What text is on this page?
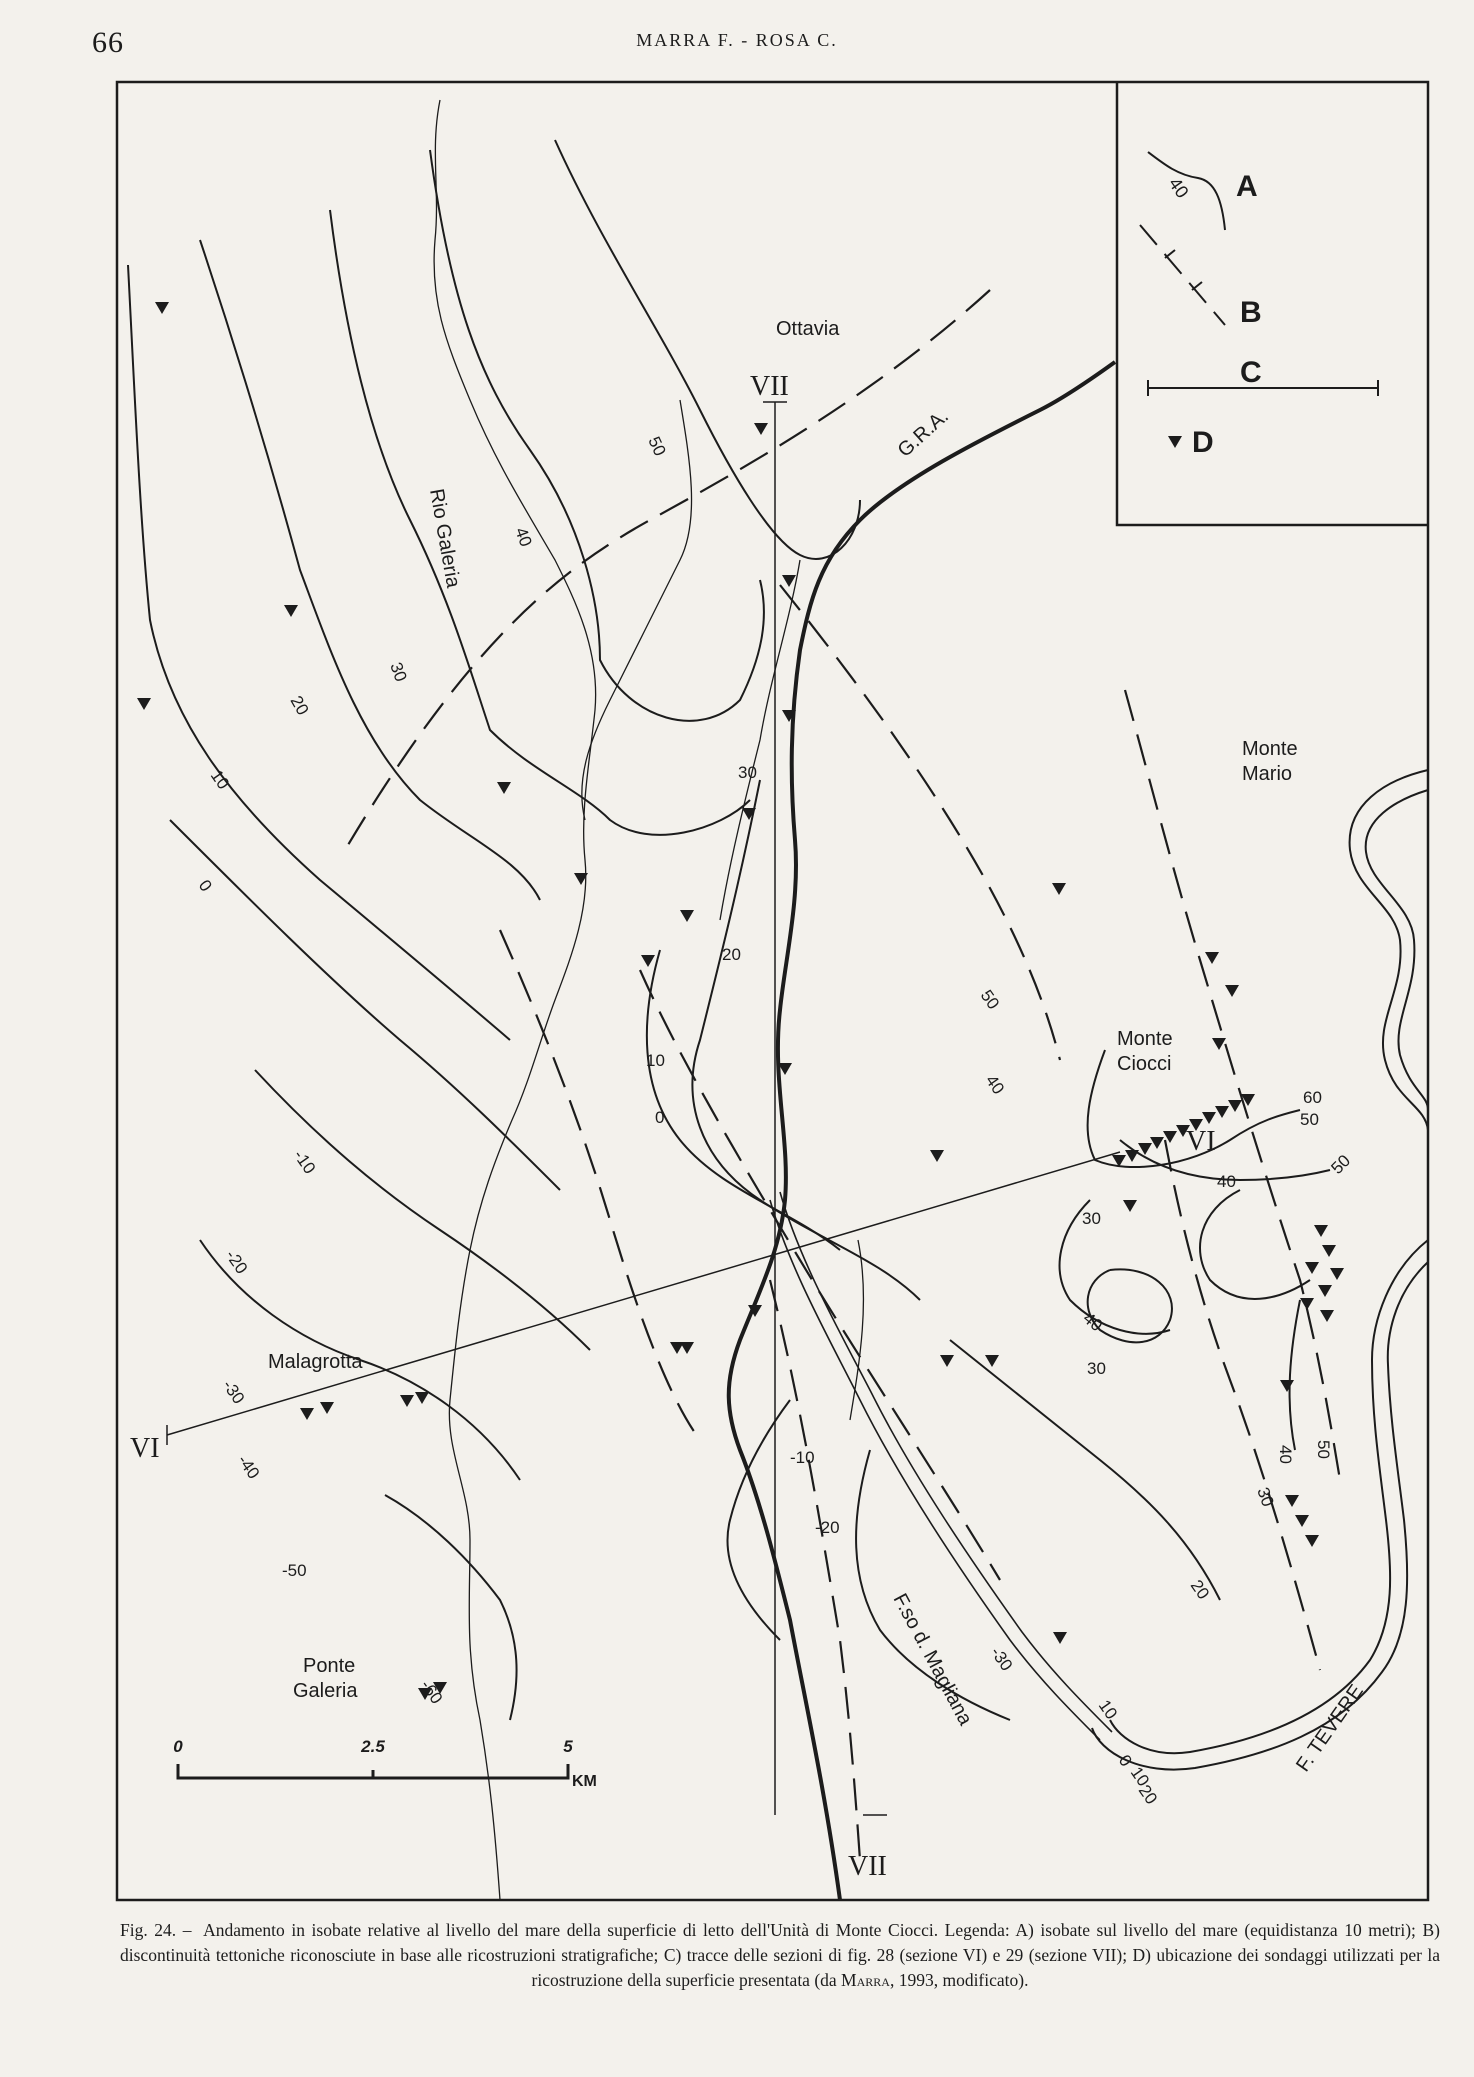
66	MARRA F. - ROSA C.
40 A
B
C
D
0	2.5	5
KM
Ottavia
Monte
Mario
Monte
Ciocci
Malagrotta
Ponte
Galeria
Rio Galeria
G.R.A.
F.so d. Magliana	F. TEVERE
VII
VII
VI
VI
50
40
30
20
10
0
30
20
10
0
-10
-20
-30
-40
-50
-60
50
40	60
50
40
50
30
40
30
40
30
50
20
-10
-20
-30
10
0
10
20
Fig. 24. – Andamento in isobate relative al livello del mare della superficie di letto dell'Unità di Monte Ciocci. Legenda: A) isobate sul livello del mare (equidistanza 10 metri); B) discontinuità tettoniche riconosciute in base alle ricostruzioni stratigrafiche; C) tracce delle sezioni di fig. 28 (sezione VI) e 29 (sezione VII); D) ubicazione dei sondaggi utilizzati per la ricostruzione della superficie presentata (da Marra, 1993, modificato).
